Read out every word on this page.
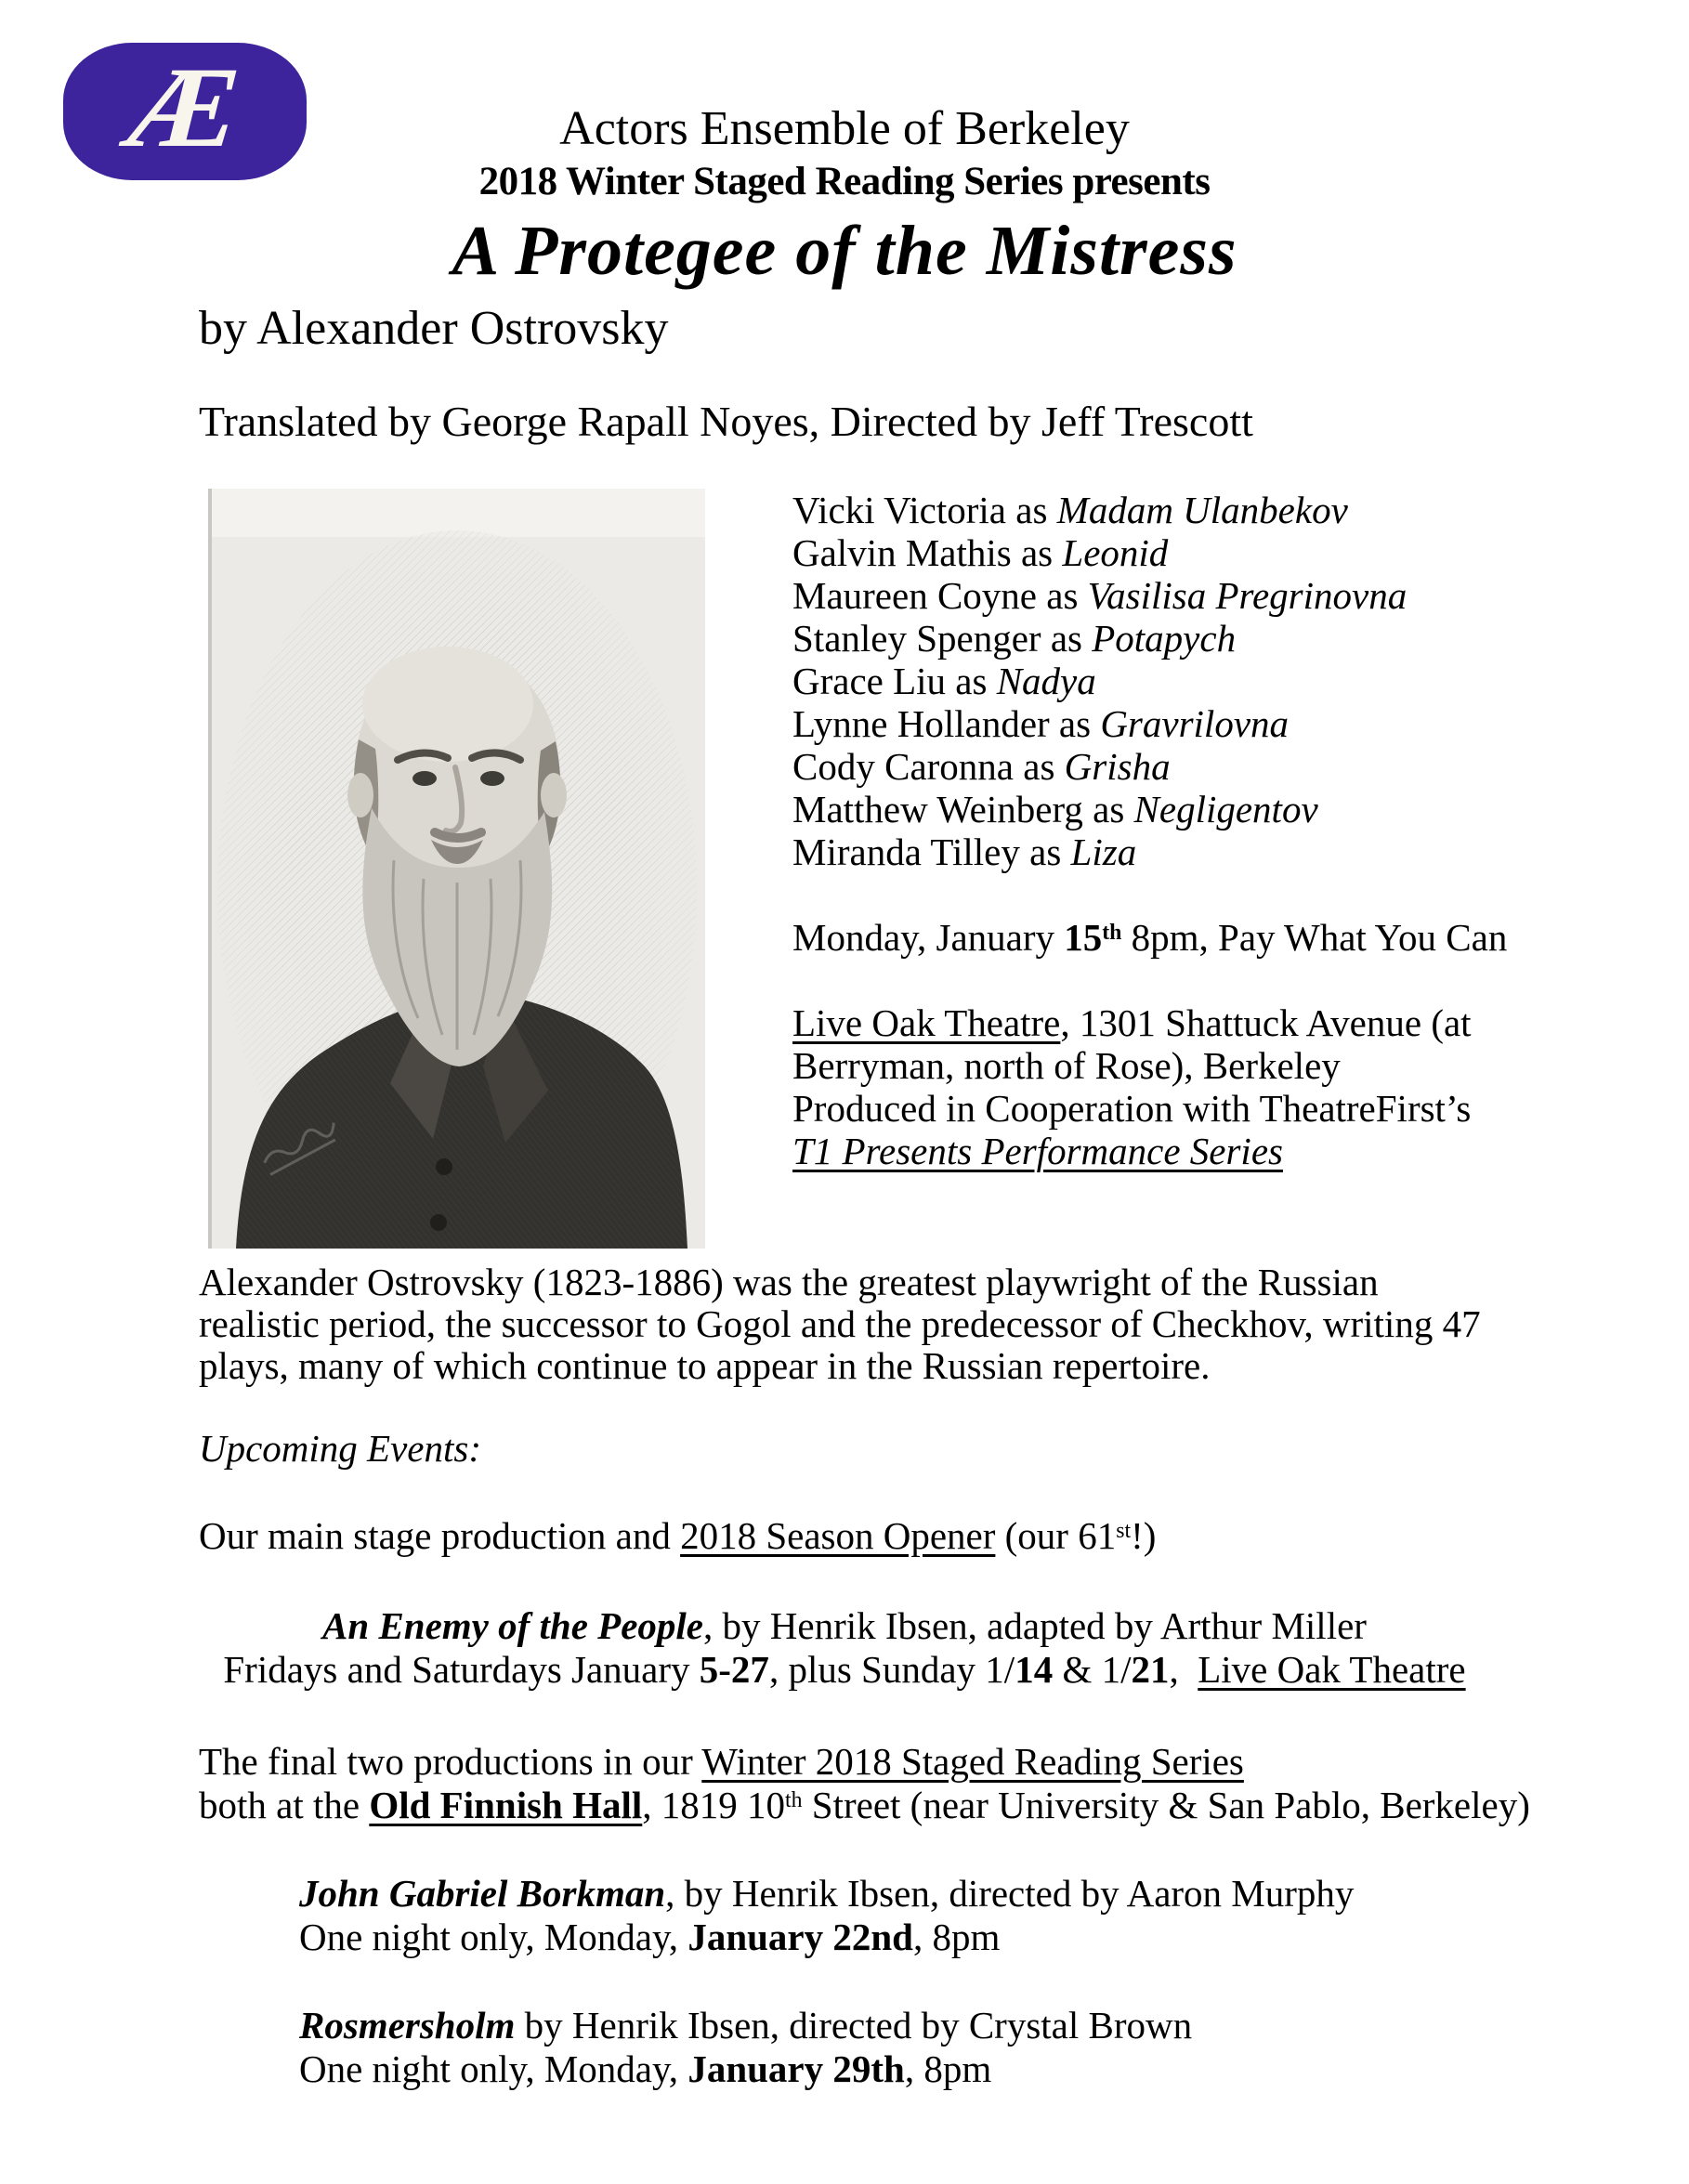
Æ	Actors Ensemble of Berkeley
2018 Winter Staged Reading Series presents
A Protegee of the Mistress
by Alexander Ostrovsky
Translated by George Rapall Noyes, Directed by Jeff Trescott
Vicki Victoria as Madam Ulanbekov
Galvin Mathis as Leonid
Maureen Coyne as Vasilisa Pregrinovna
Stanley Spenger as Potapych
Grace Liu as Nadya
Lynne Hollander as Gravrilovna
Cody Caronna as Grisha
Matthew Weinberg as Negligentov
Miranda Tilley as Liza
Monday, January 15th 8pm, Pay What You Can
Live Oak Theatre, 1301 Shattuck Avenue (at
Berryman, north of Rose), Berkeley
Produced in Cooperation with TheatreFirst’s
T1 Presents Performance Series

Alexander Ostrovsky (1823-1886) was the greatest playwright of the Russian realistic period, the successor to Gogol and the predecessor of Checkhov, writing 47 plays, many of which continue to appear in the Russian repertoire.

Upcoming Events:
Our main stage production and 2018 Season Opener (our 61st!)
An Enemy of the People, by Henrik Ibsen, adapted by Arthur Miller
Fridays and Saturdays January 5-27, plus Sunday 1/14 & 1/21,  Live Oak Theatre
The final two productions in our Winter 2018 Staged Reading Series
both at the Old Finnish Hall, 1819 10th Street (near University & San Pablo, Berkeley)
John Gabriel Borkman, by Henrik Ibsen, directed by Aaron Murphy
One night only, Monday, January 22nd, 8pm
Rosmersholm by Henrik Ibsen, directed by Crystal Brown
One night only, Monday, January 29th, 8pm
